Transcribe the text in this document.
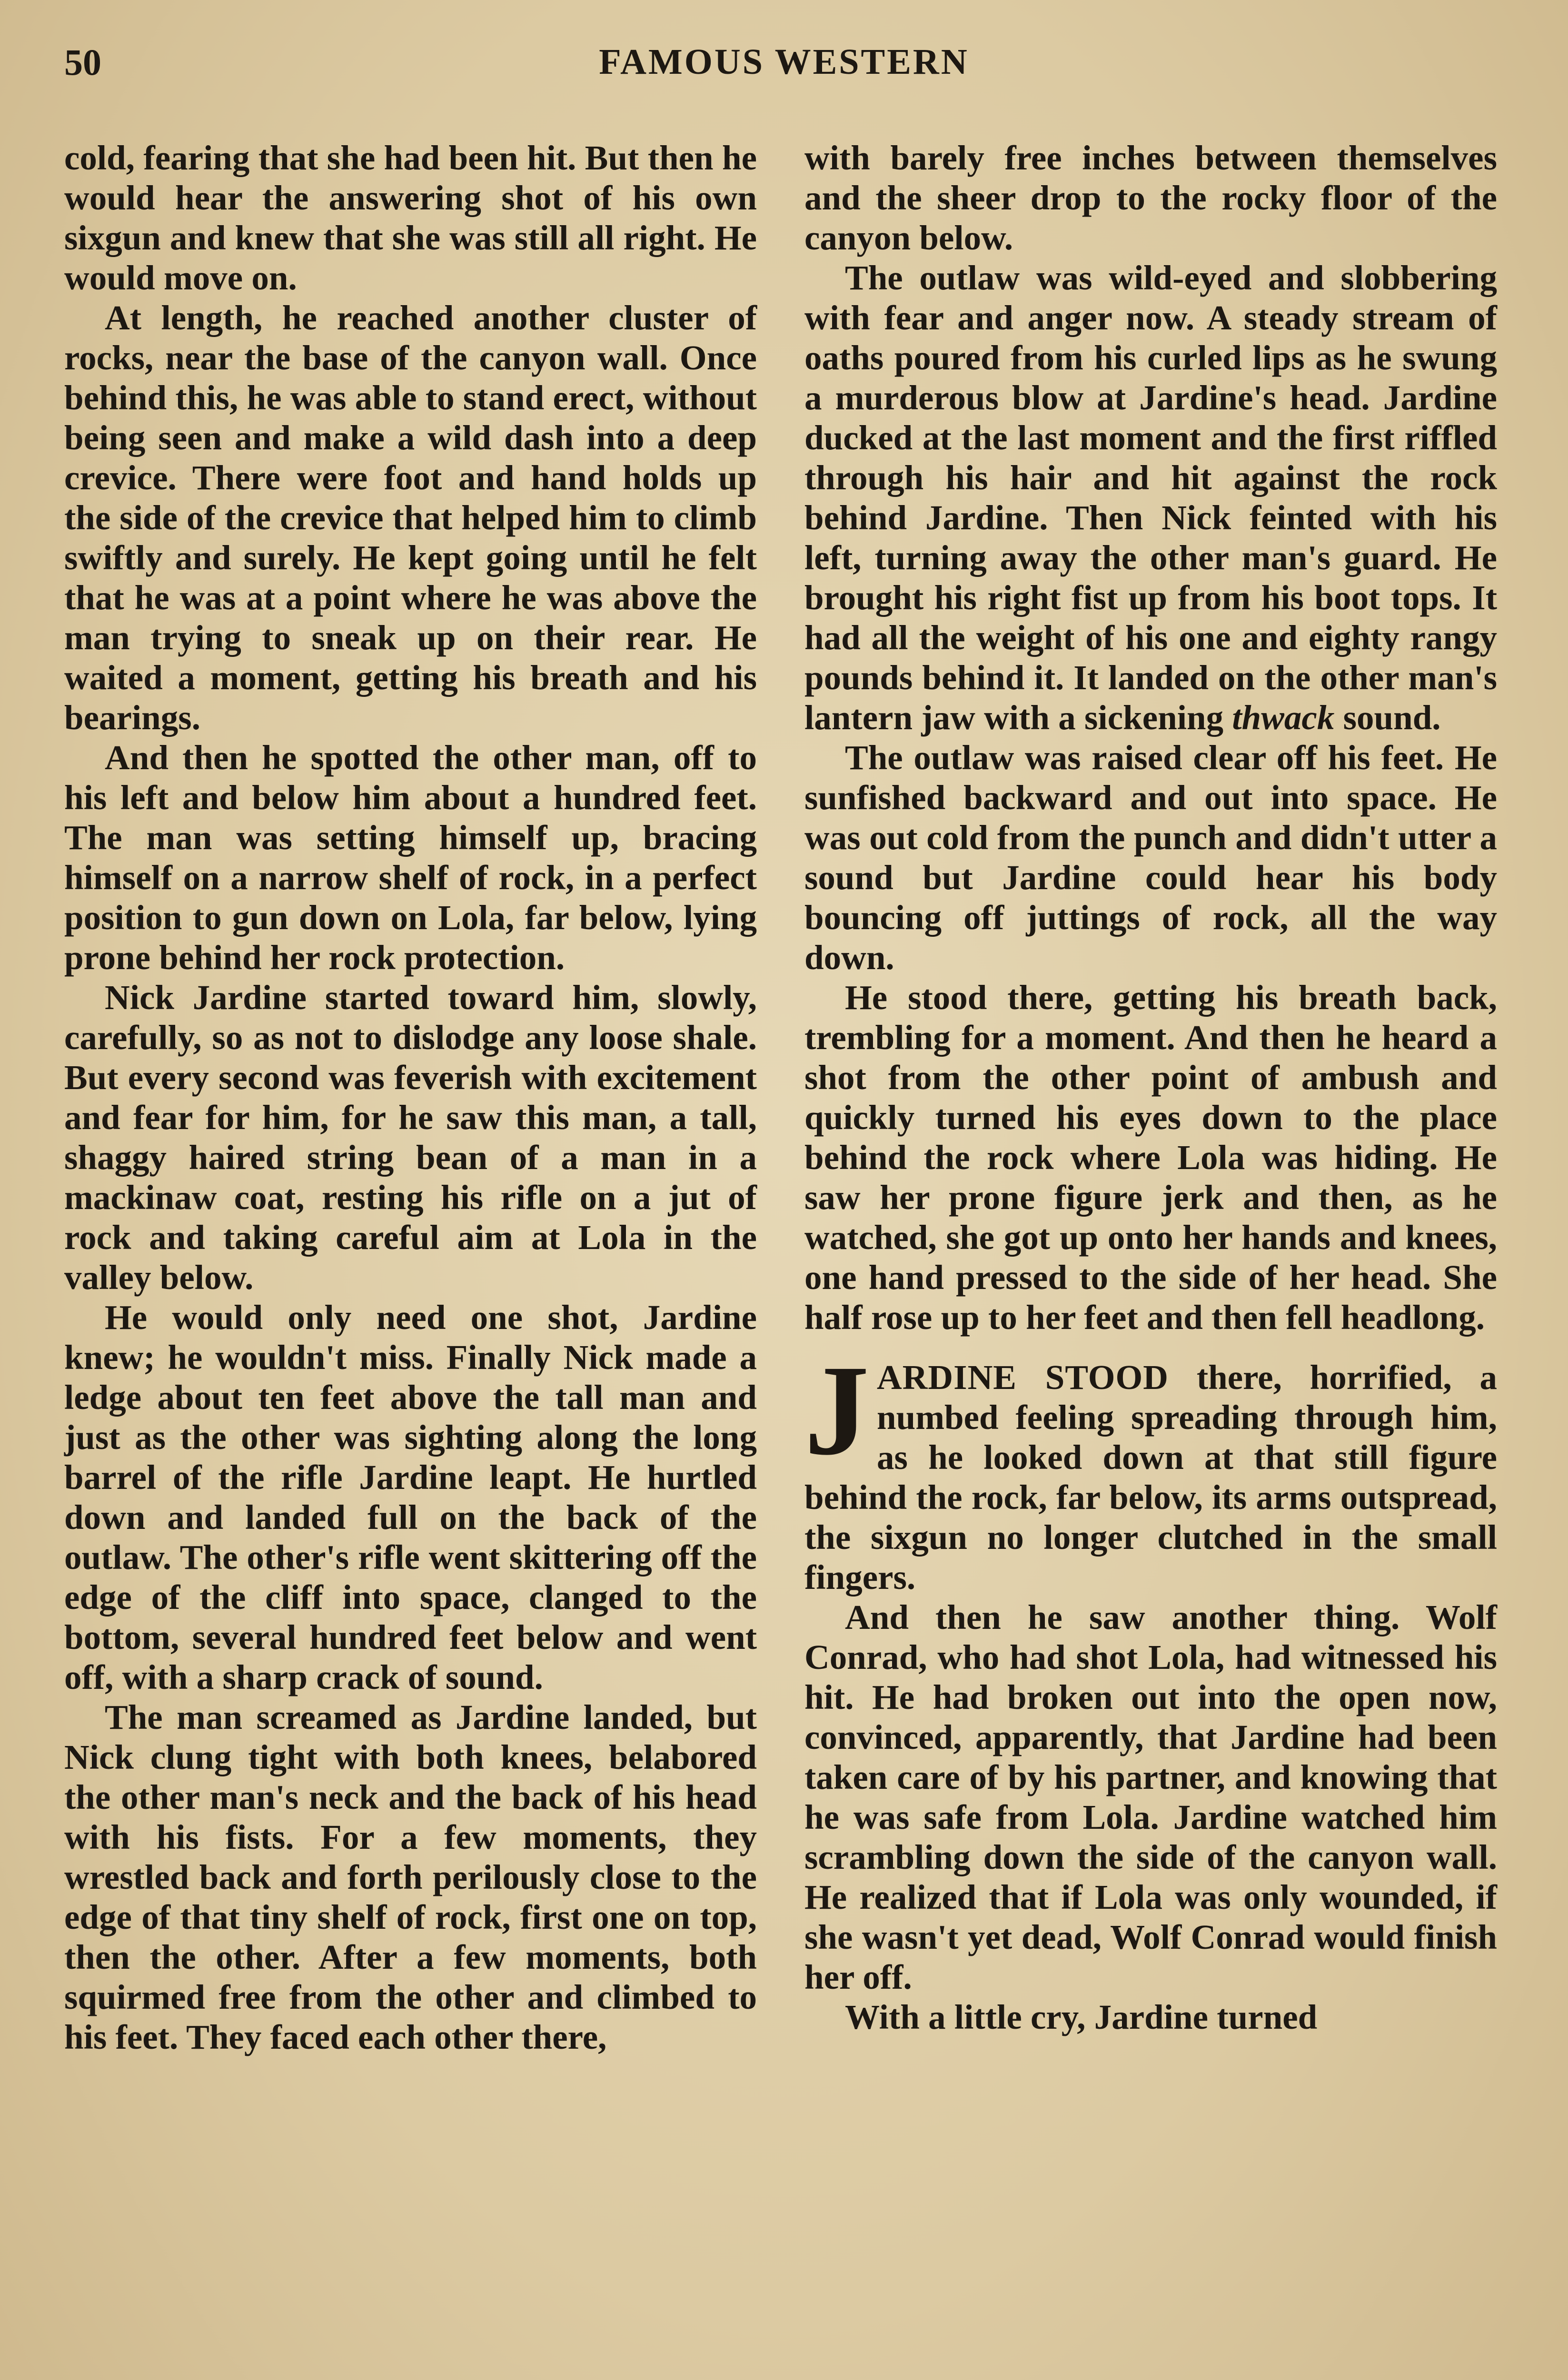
50	FAMOUS WESTERN

cold, fearing that she had been hit. But then he would hear the answering shot of his own sixgun and knew that she was still all right. He would move on.

At length, he reached another cluster of rocks, near the base of the canyon wall. Once behind this, he was able to stand erect, without being seen and make a wild dash into a deep crevice. There were foot and hand holds up the side of the crevice that helped him to climb swiftly and surely. He kept going until he felt that he was at a point where he was above the man trying to sneak up on their rear. He waited a moment, getting his breath and his bearings.

And then he spotted the other man, off to his left and below him about a hundred feet. The man was setting himself up, bracing himself on a narrow shelf of rock, in a perfect position to gun down on Lola, far below, lying prone behind her rock protection.

Nick Jardine started toward him, slowly, carefully, so as not to dislodge any loose shale. But every second was feverish with excitement and fear for him, for he saw this man, a tall, shaggy haired string bean of a man in a mackinaw coat, resting his rifle on a jut of rock and taking careful aim at Lola in the valley below.

He would only need one shot, Jardine knew; he wouldn't miss. Finally Nick made a ledge about ten feet above the tall man and just as the other was sighting along the long barrel of the rifle Jardine leapt. He hurtled down and landed full on the back of the outlaw. The other's rifle went skittering off the edge of the cliff into space, clanged to the bottom, several hundred feet below and went off, with a sharp crack of sound.

The man screamed as Jardine landed, but Nick clung tight with both knees, belabored the other man's neck and the back of his head with his fists. For a few moments, they wrestled back and forth perilously close to the edge of that tiny shelf of rock, first one on top, then the other. After a few moments, both squirmed free from the other and climbed to his feet. They faced each other there,

with barely free inches between themselves and the sheer drop to the rocky floor of the canyon below.

The outlaw was wild-eyed and slobbering with fear and anger now. A steady stream of oaths poured from his curled lips as he swung a murderous blow at Jardine's head. Jardine ducked at the last moment and the first riffled through his hair and hit against the rock behind Jardine. Then Nick feinted with his left, turning away the other man's guard. He brought his right fist up from his boot tops. It had all the weight of his one and eighty rangy pounds behind it. It landed on the other man's lantern jaw with a sickening thwack sound.

The outlaw was raised clear off his feet. He sunfished backward and out into space. He was out cold from the punch and didn't utter a sound but Jardine could hear his body bouncing off juttings of rock, all the way down.

He stood there, getting his breath back, trembling for a moment. And then he heard a shot from the other point of ambush and quickly turned his eyes down to the place behind the rock where Lola was hiding. He saw her prone figure jerk and then, as he watched, she got up onto her hands and knees, one hand pressed to the side of her head. She half rose up to her feet and then fell headlong.

JARDINE STOOD there, horrified, a numbed feeling spreading through him, as he looked down at that still figure behind the rock, far below, its arms outspread, the sixgun no longer clutched in the small fingers.

And then he saw another thing. Wolf Conrad, who had shot Lola, had witnessed his hit. He had broken out into the open now, convinced, apparently, that Jardine had been taken care of by his partner, and knowing that he was safe from Lola. Jardine watched him scrambling down the side of the canyon wall. He realized that if Lola was only wounded, if she wasn't yet dead, Wolf Conrad would finish her off.

With a little cry, Jardine turned
